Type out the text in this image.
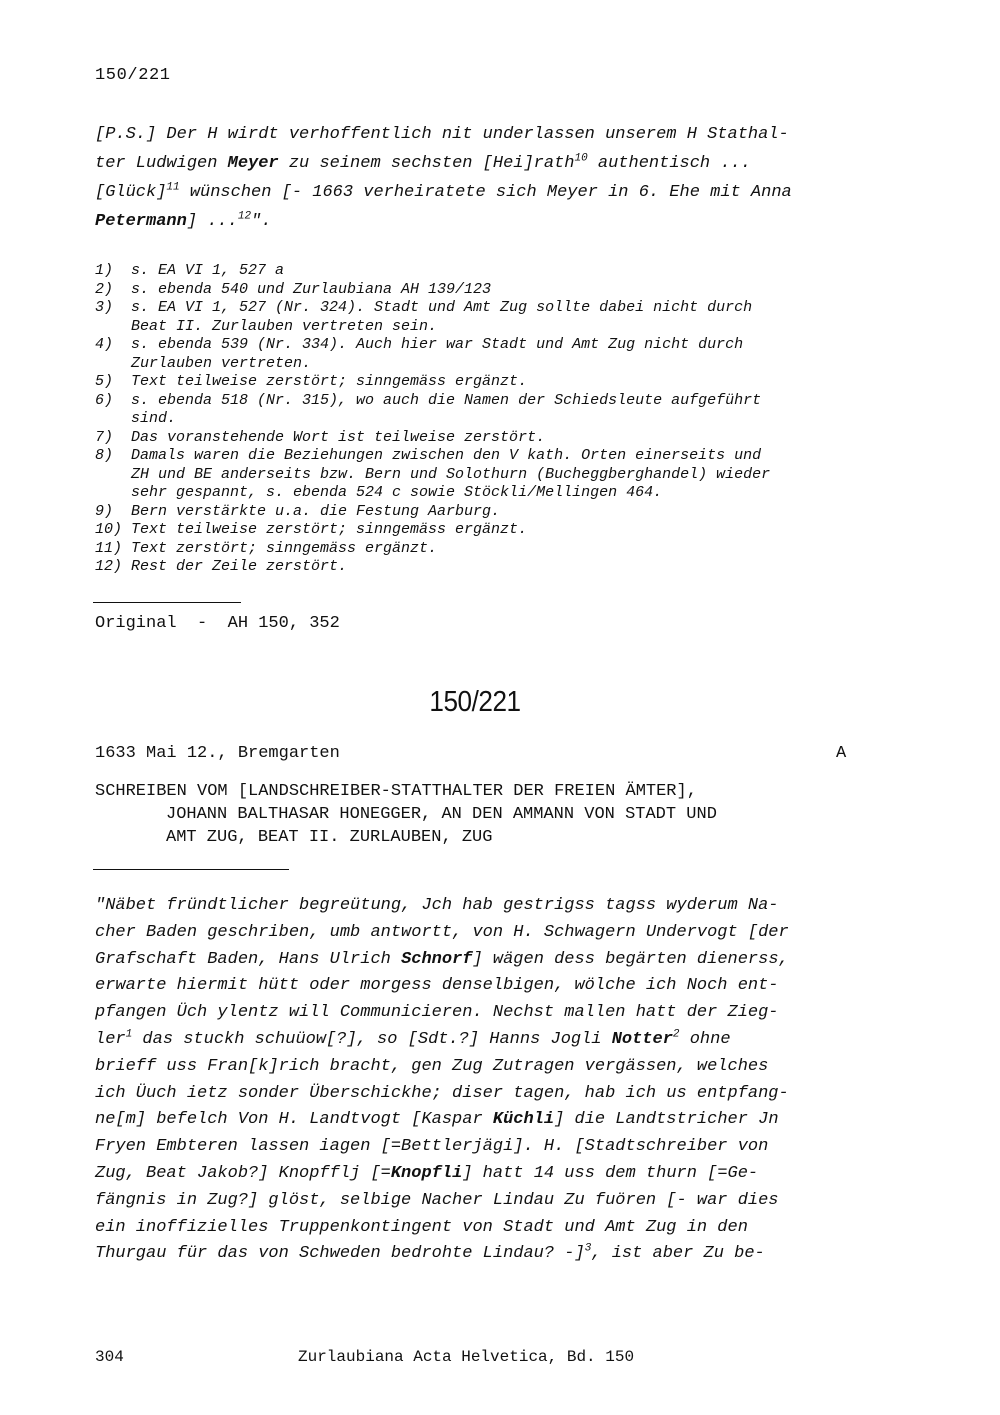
150/221
[P.S.] Der H wirdt verhoffentlich nit underlassen unserem H Stathal-
ter Ludwigen Meyer zu seinem sechsten [Hei]rath$^{10}$ authentisch ...
[Glück]$^{11}$ wünschen [- 1663 verheiratete sich Meyer in 6. Ehe mit Anna
Petermann] ...$^{12}$".
1)	s. EA VI 1, 527 a
2)	s. ebenda 540 und Zurlaubiana AH 139/123
3)	s. EA VI 1, 527 (Nr. 324). Stadt und Amt Zug sollte dabei nicht durch
Beat II. Zurlauben vertreten sein.
4)	s. ebenda 539 (Nr. 334). Auch hier war Stadt und Amt Zug nicht durch
Zurlauben vertreten.
5)	Text teilweise zerstört; sinngemäss ergänzt.
6)	s. ebenda 518 (Nr. 315), wo auch die Namen der Schiedsleute aufgeführt
sind.
7)	Das voranstehende Wort ist teilweise zerstört.
8)	Damals waren die Beziehungen zwischen den V kath. Orten einerseits und
ZH und BE anderseits bzw. Bern und Solothurn (Bucheggberghandel) wieder
sehr gespannt, s. ebenda 524 c sowie Stöckli/Mellingen 464.
9)	Bern verstärkte u.a. die Festung Aarburg.
10) Text teilweise zerstört; sinngemäss ergänzt.
11) Text zerstört; sinngemäss ergänzt.
12) Rest der Zeile zerstört.
Original  -  AH 150, 352
150/221
1633 Mai 12., Bremgarten	A
SCHREIBEN VOM [LANDSCHREIBER-STATTHALTER DER FREIEN ÄMTER],
JOHANN BALTHASAR HONEGGER, AN DEN AMMANN VON STADT UND
AMT ZUG, BEAT II. ZURLAUBEN, ZUG
"Näbet fründtlicher begreütung, Jch hab gestrigss tagss wyderum Na-
cher Baden geschriben, umb antwortt, von H. Schwagern Undervogt [der
Grafschaft Baden, Hans Ulrich Schnorf] wägen dess begärten dienerss,
erwarte hiermit hütt oder morgess denselbigen, wölche ich Noch ent-
pfangen Üch ylentz will Communicieren. Nechst mallen hatt der Zieg-
ler$^1$ das stuckh schuüow[?], so [Sdt.?] Hanns Jogli Notter$^2$ ohne
brieff uss Fran[k]rich bracht, gen Zug Zutragen vergässen, welches
ich Üuch ietz sonder Überschickhe; diser tagen, hab ich us entpfang-
ne[m] befelch Von H. Landtvogt [Kaspar Küchli] die Landtstricher Jn
Fryen Embteren lassen iagen [=Bettlerjägi]. H. [Stadtschreiber von
Zug, Beat Jakob?] Knopfflj [=Knopfli] hatt 14 uss dem thurn [=Ge-
fängnis in Zug?] glöst, selbige Nacher Lindau Zu fuören [- war dies
ein inoffizielles Truppenkontingent von Stadt und Amt Zug in den
Thurgau für das von Schweden bedrohte Lindau? -]$^3$, ist aber Zu be-
304	Zurlaubiana Acta Helvetica, Bd. 150
